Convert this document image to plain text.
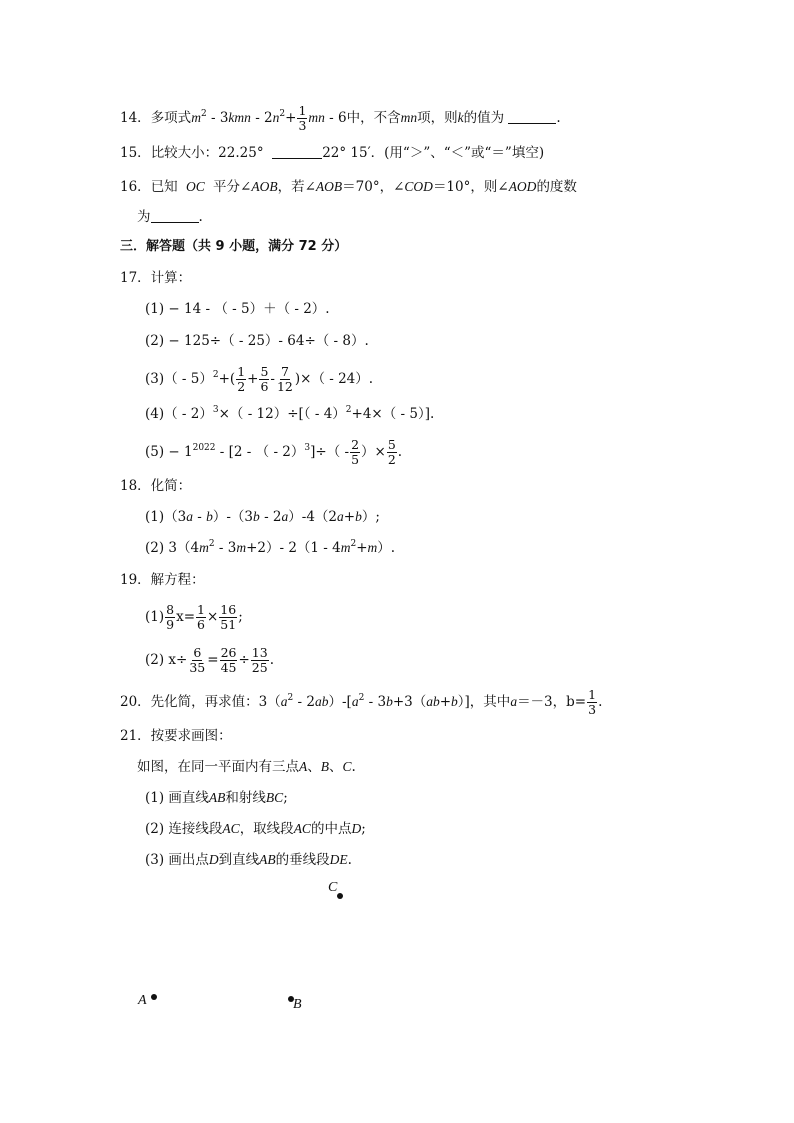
14．多项式$m^2 - 3kmn - 2n^2+ \frac{1}{3}$ mn - 6中，不含mn项，则k的值为	.
15．比较大小：22.25°	22° 15′．(用“＞”、“＜”或“＝”填空)
16．已知 OC 平分∠AOB，若∠AOB＝70°，∠COD＝10°，则∠AOD的度数
为	.
三．解答题（共 9 小题，满分 72 分）
17．计算：
(1) − 14 - （ - 5）＋（ - 2）.
(2) − 125÷（ - 25）- 64÷（ - 8）.
$(3)( - 5)^2+( \frac{1}{2} + \frac{5}{6} - \frac{7}{12}$ )×（ - 24）.
(4)（ - 2）$^3$×（ - 12）÷[（ - 4）$^2$+4×（ - 5）].
$(5) - 1^{2022} - [2$ - （ - $2)^3]\div( - \frac{2}{5}$ ）× $\frac{5}{2}$ .
18．化简：
(1)（3a - b）-（3b - 2a）-4（2a+b）;
(2) $3(4m^2 - 3m+2)-$ $2(1 - 4m^2+m)$.
19．解方程：
$(1) \frac{8}{9} x= \frac{1}{6} \times \frac{16}{51}$ ;
(2) $x\div \frac{6}{35} = \frac{26}{45} \div \frac{13}{25}$ .
20．先化简，再求值：$3(a^2 - 2ab)-[a^2 - 3b+3(ab+b)]$，其中a＝－3，$b= \frac{1}{3}$ .
21．按要求画图：
如图，在同一平面内有三点A、B、C.
(1) 画直线AB和射线BC;
(2) 连接线段AC，取线段AC的中点D;
(3) 画出点D到直线AB的垂线段DE.
C
A	B
